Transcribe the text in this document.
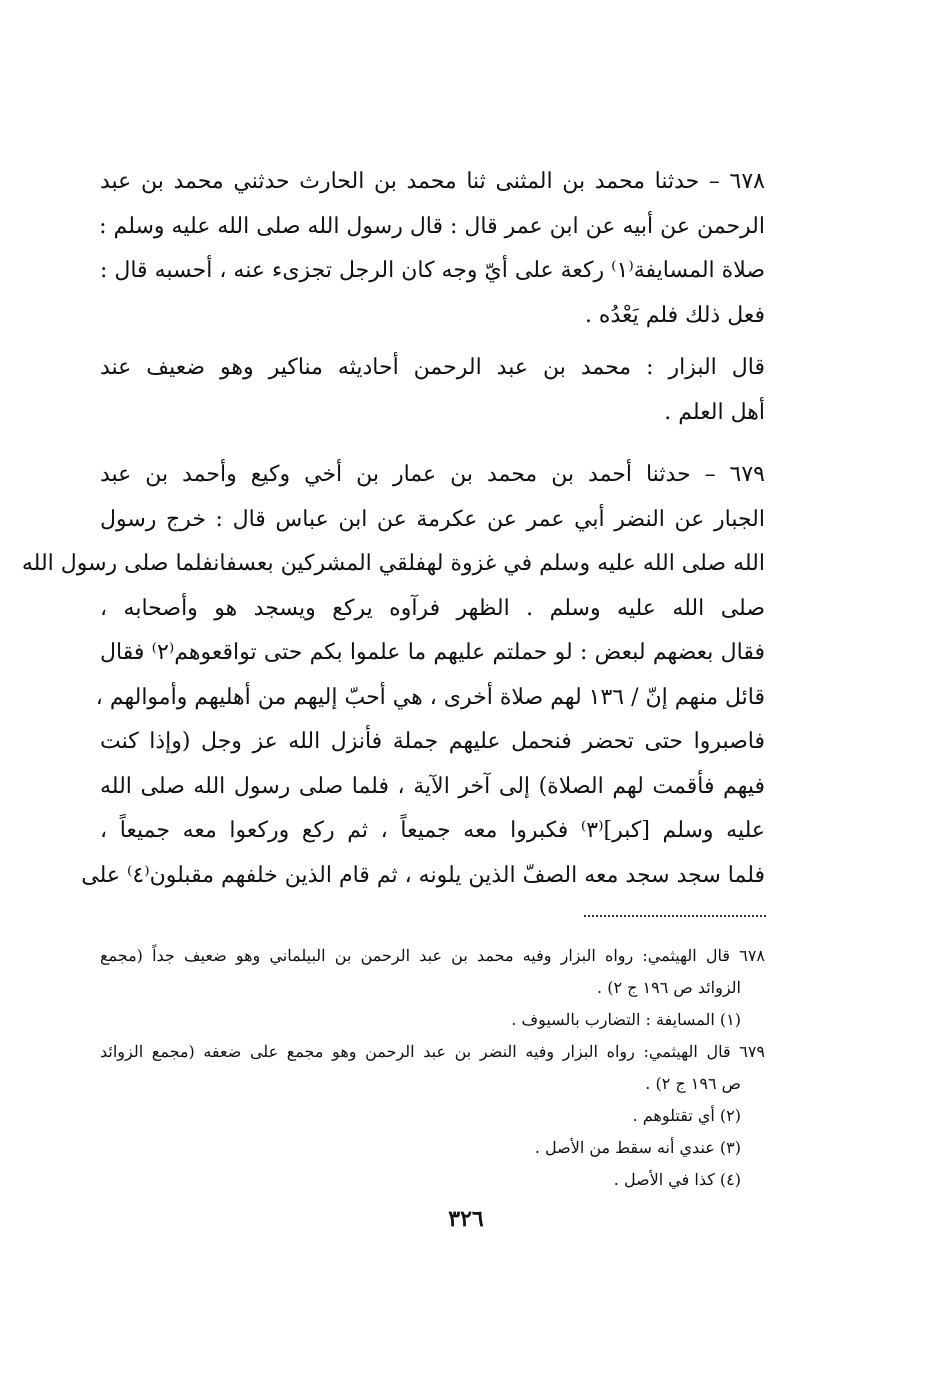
٦٧٨ – حدثنا محمد بن المثنى ثنا محمد بن الحارث حدثني محمد بن عبد
الرحمن عن أبيه عن ابن عمر قال : قال رسول الله صلى الله عليه وسلم :
صلاة المسايفة⁽١⁾ ركعة على أيّ وجه كان الرجل تجزىء عنه ، أحسبه قال :
فعل ذلك فلم يَعْدُه .

قال البزار : محمد بن عبد الرحمن أحاديثه مناكير وهو ضعيف عند
أهل العلم .

٦٧٩ – حدثنا أحمد بن محمد بن عمار بن أخي وكيع وأحمد بن عبد
الجبار عن النضر أبي عمر عن عكرمة عن ابن عباس قال : خرج رسول
الله صلى الله عليه وسلم في غزوة لهفلقي المشركين بعسفانفلما صلى رسول الله
صلى الله عليه وسلم . الظهر فرآوه يركع ويسجد هو وأصحابه ،
فقال بعضهم لبعض : لو حملتم عليهم ما علموا بكم حتى تواقعوهم⁽٢⁾ فقال
قائل منهم إنّ / ١٣٦ لهم صلاة أخرى ، هي أحبّ إليهم من أهليهم وأموالهم ،
فاصبروا حتى تحضر فنحمل عليهم جملة فأنزل الله عز وجل (وإذا كنت
فيهم فأقمت لهم الصلاة) إلى آخر الآية ، فلما صلى رسول الله صلى الله
عليه وسلم [كبر]⁽٣⁾ فكبروا معه جميعاً ، ثم ركع وركعوا معه جميعاً ،
فلما سجد سجد معه الصفّ الذين يلونه ، ثم قام الذين خلفهم مقبلون⁽٤⁾ على

٦٧٨ قال الهيثمي: رواه البزار وفيه محمد بن عبد الرحمن بن البيلماني وهو ضعيف جداً (مجمع
الزوائد ص ١٩٦ ج ٢) .
(١) المسايفة : التضارب بالسيوف .
٦٧٩ قال الهيثمي: رواه البزار وفيه النضر بن عبد الرحمن وهو مجمع على ضعفه (مجمع الزوائد
ص ١٩٦ ج ٢) .
(٢) أي تقتلوهم .
(٣) عندي أنه سقط من الأصل .
(٤) كذا في الأصل .
٣٢٦
